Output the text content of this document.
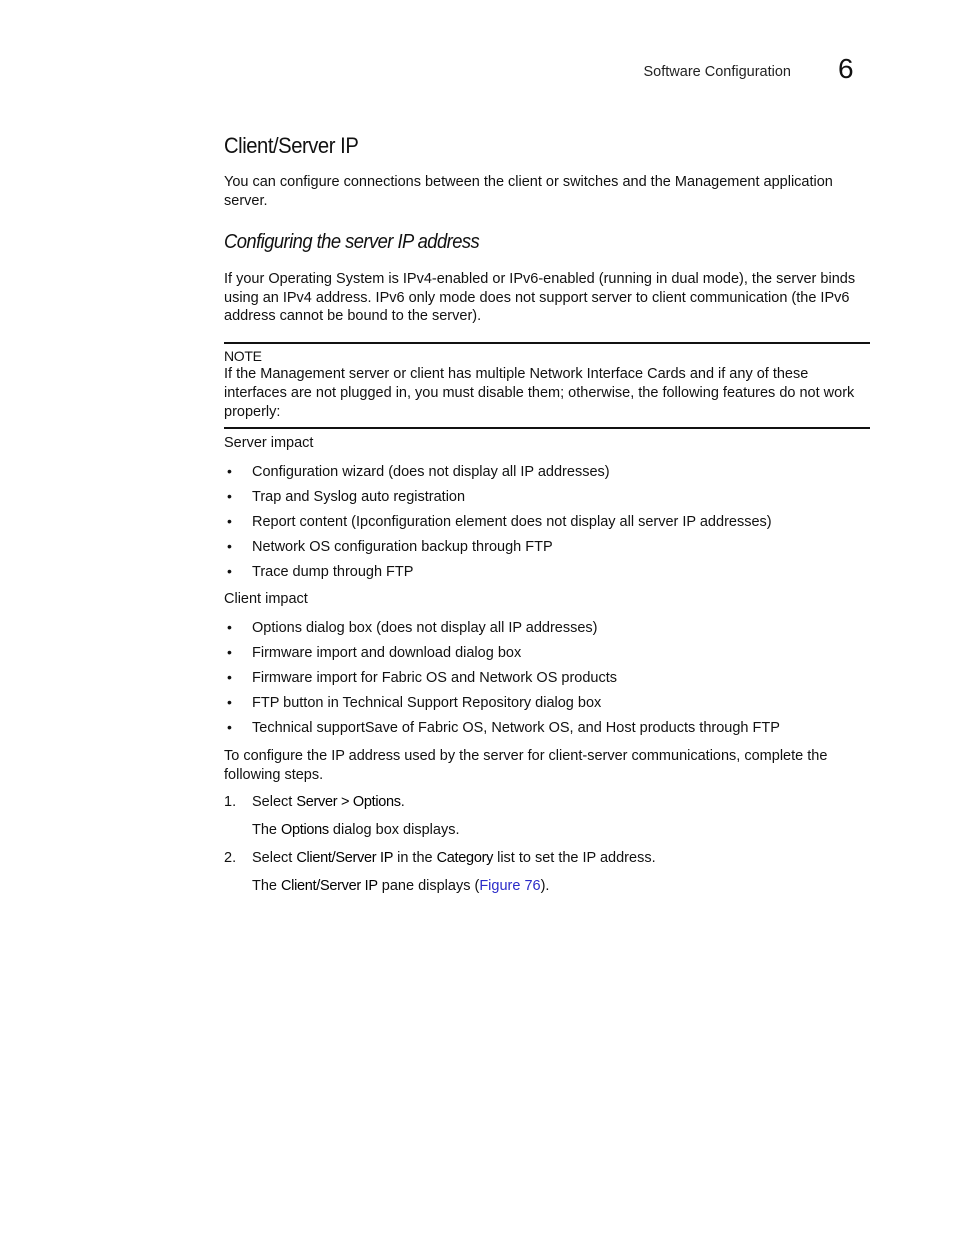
Software Configuration 6
Client/Server IP

You can configure connections between the client or switches and the Management application server.

Configuring the server IP address

If your Operating System is IPv4-enabled or IPv6-enabled (running in dual mode), the server binds using an IPv4 address. IPv6 only mode does not support server to client communication (the IPv6 address cannot be bound to the server).

NOTE
If the Management server or client has multiple Network Interface Cards and if any of these interfaces are not plugged in, you must disable them; otherwise, the following features do not work properly:
Server impact
• Configuration wizard (does not display all IP addresses)
• Trap and Syslog auto registration
• Report content (Ipconfiguration element does not display all server IP addresses)
• Network OS configuration backup through FTP
• Trace dump through FTP
Client impact
• Options dialog box (does not display all IP addresses)
• Firmware import and download dialog box
• Firmware import for Fabric OS and Network OS products
• FTP button in Technical Support Repository dialog box
• Technical supportSave of Fabric OS, Network OS, and Host products through FTP

To configure the IP address used by the server for client-server communications, complete the following steps.

1. Select Server > Options.
The Options dialog box displays.
2. Select Client/Server IP in the Category list to set the IP address.
The Client/Server IP pane displays (Figure 76).
